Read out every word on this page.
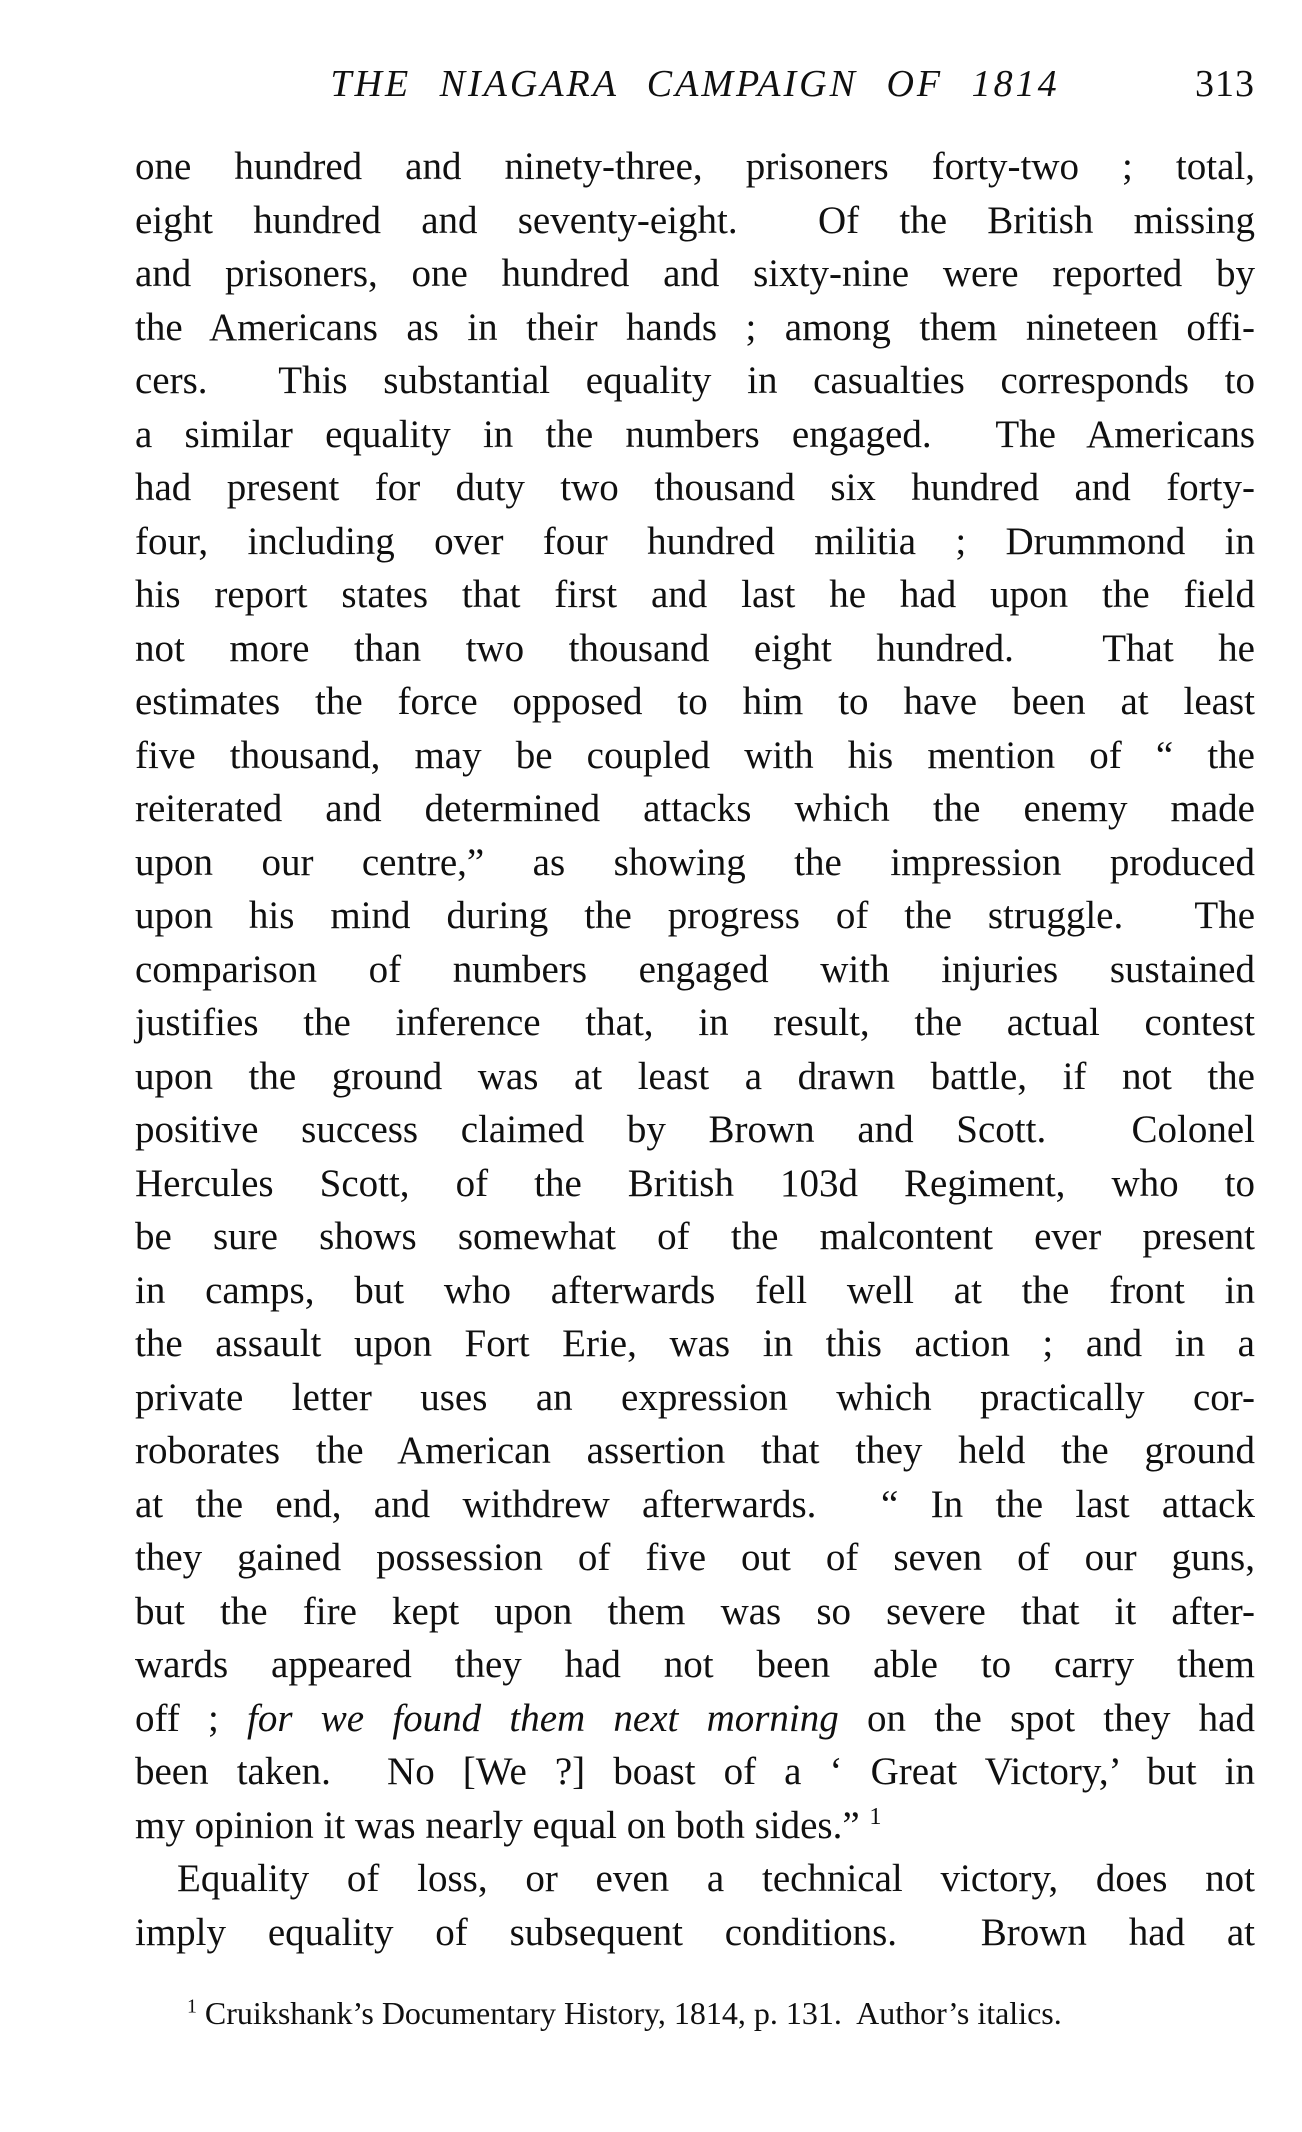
THE NIAGARA CAMPAIGN OF 1814	313
one hundred and ninety-three, prisoners forty-two ; total,
eight hundred and seventy-eight.  Of the British missing
and prisoners, one hundred and sixty-nine were reported by
the Americans as in their hands ; among them nineteen offi-
cers.  This substantial equality in casualties corresponds to
a similar equality in the numbers engaged.  The Americans
had present for duty two thousand six hundred and forty-
four, including over four hundred militia ; Drummond in
his report states that first and last he had upon the field
not more than two thousand eight hundred.  That he
estimates the force opposed to him to have been at least
five thousand, may be coupled with his mention of “ the
reiterated and determined attacks which the enemy made
upon our centre,” as showing the impression produced
upon his mind during the progress of the struggle.  The
comparison of numbers engaged with injuries sustained
justifies the inference that, in result, the actual contest
upon the ground was at least a drawn battle, if not the
positive success claimed by Brown and Scott.  Colonel
Hercules Scott, of the British 103d Regiment, who to
be sure shows somewhat of the malcontent ever present
in camps, but who afterwards fell well at the front in
the assault upon Fort Erie, was in this action ; and in a
private letter uses an expression which practically cor-
roborates the American assertion that they held the ground
at the end, and withdrew afterwards.  “ In the last attack
they gained possession of five out of seven of our guns,
but the fire kept upon them was so severe that it after-
wards appeared they had not been able to carry them
off ; for we found them next morning on the spot they had
been taken.  No [We ?] boast of a ‘ Great Victory,’ but in
my opinion it was nearly equal on both sides.” $^1$
Equality of loss, or even a technical victory, does not
imply equality of subsequent conditions.  Brown had at
$^1$ Cruikshank’s Documentary History, 1814, p. 131.  Author’s italics.
